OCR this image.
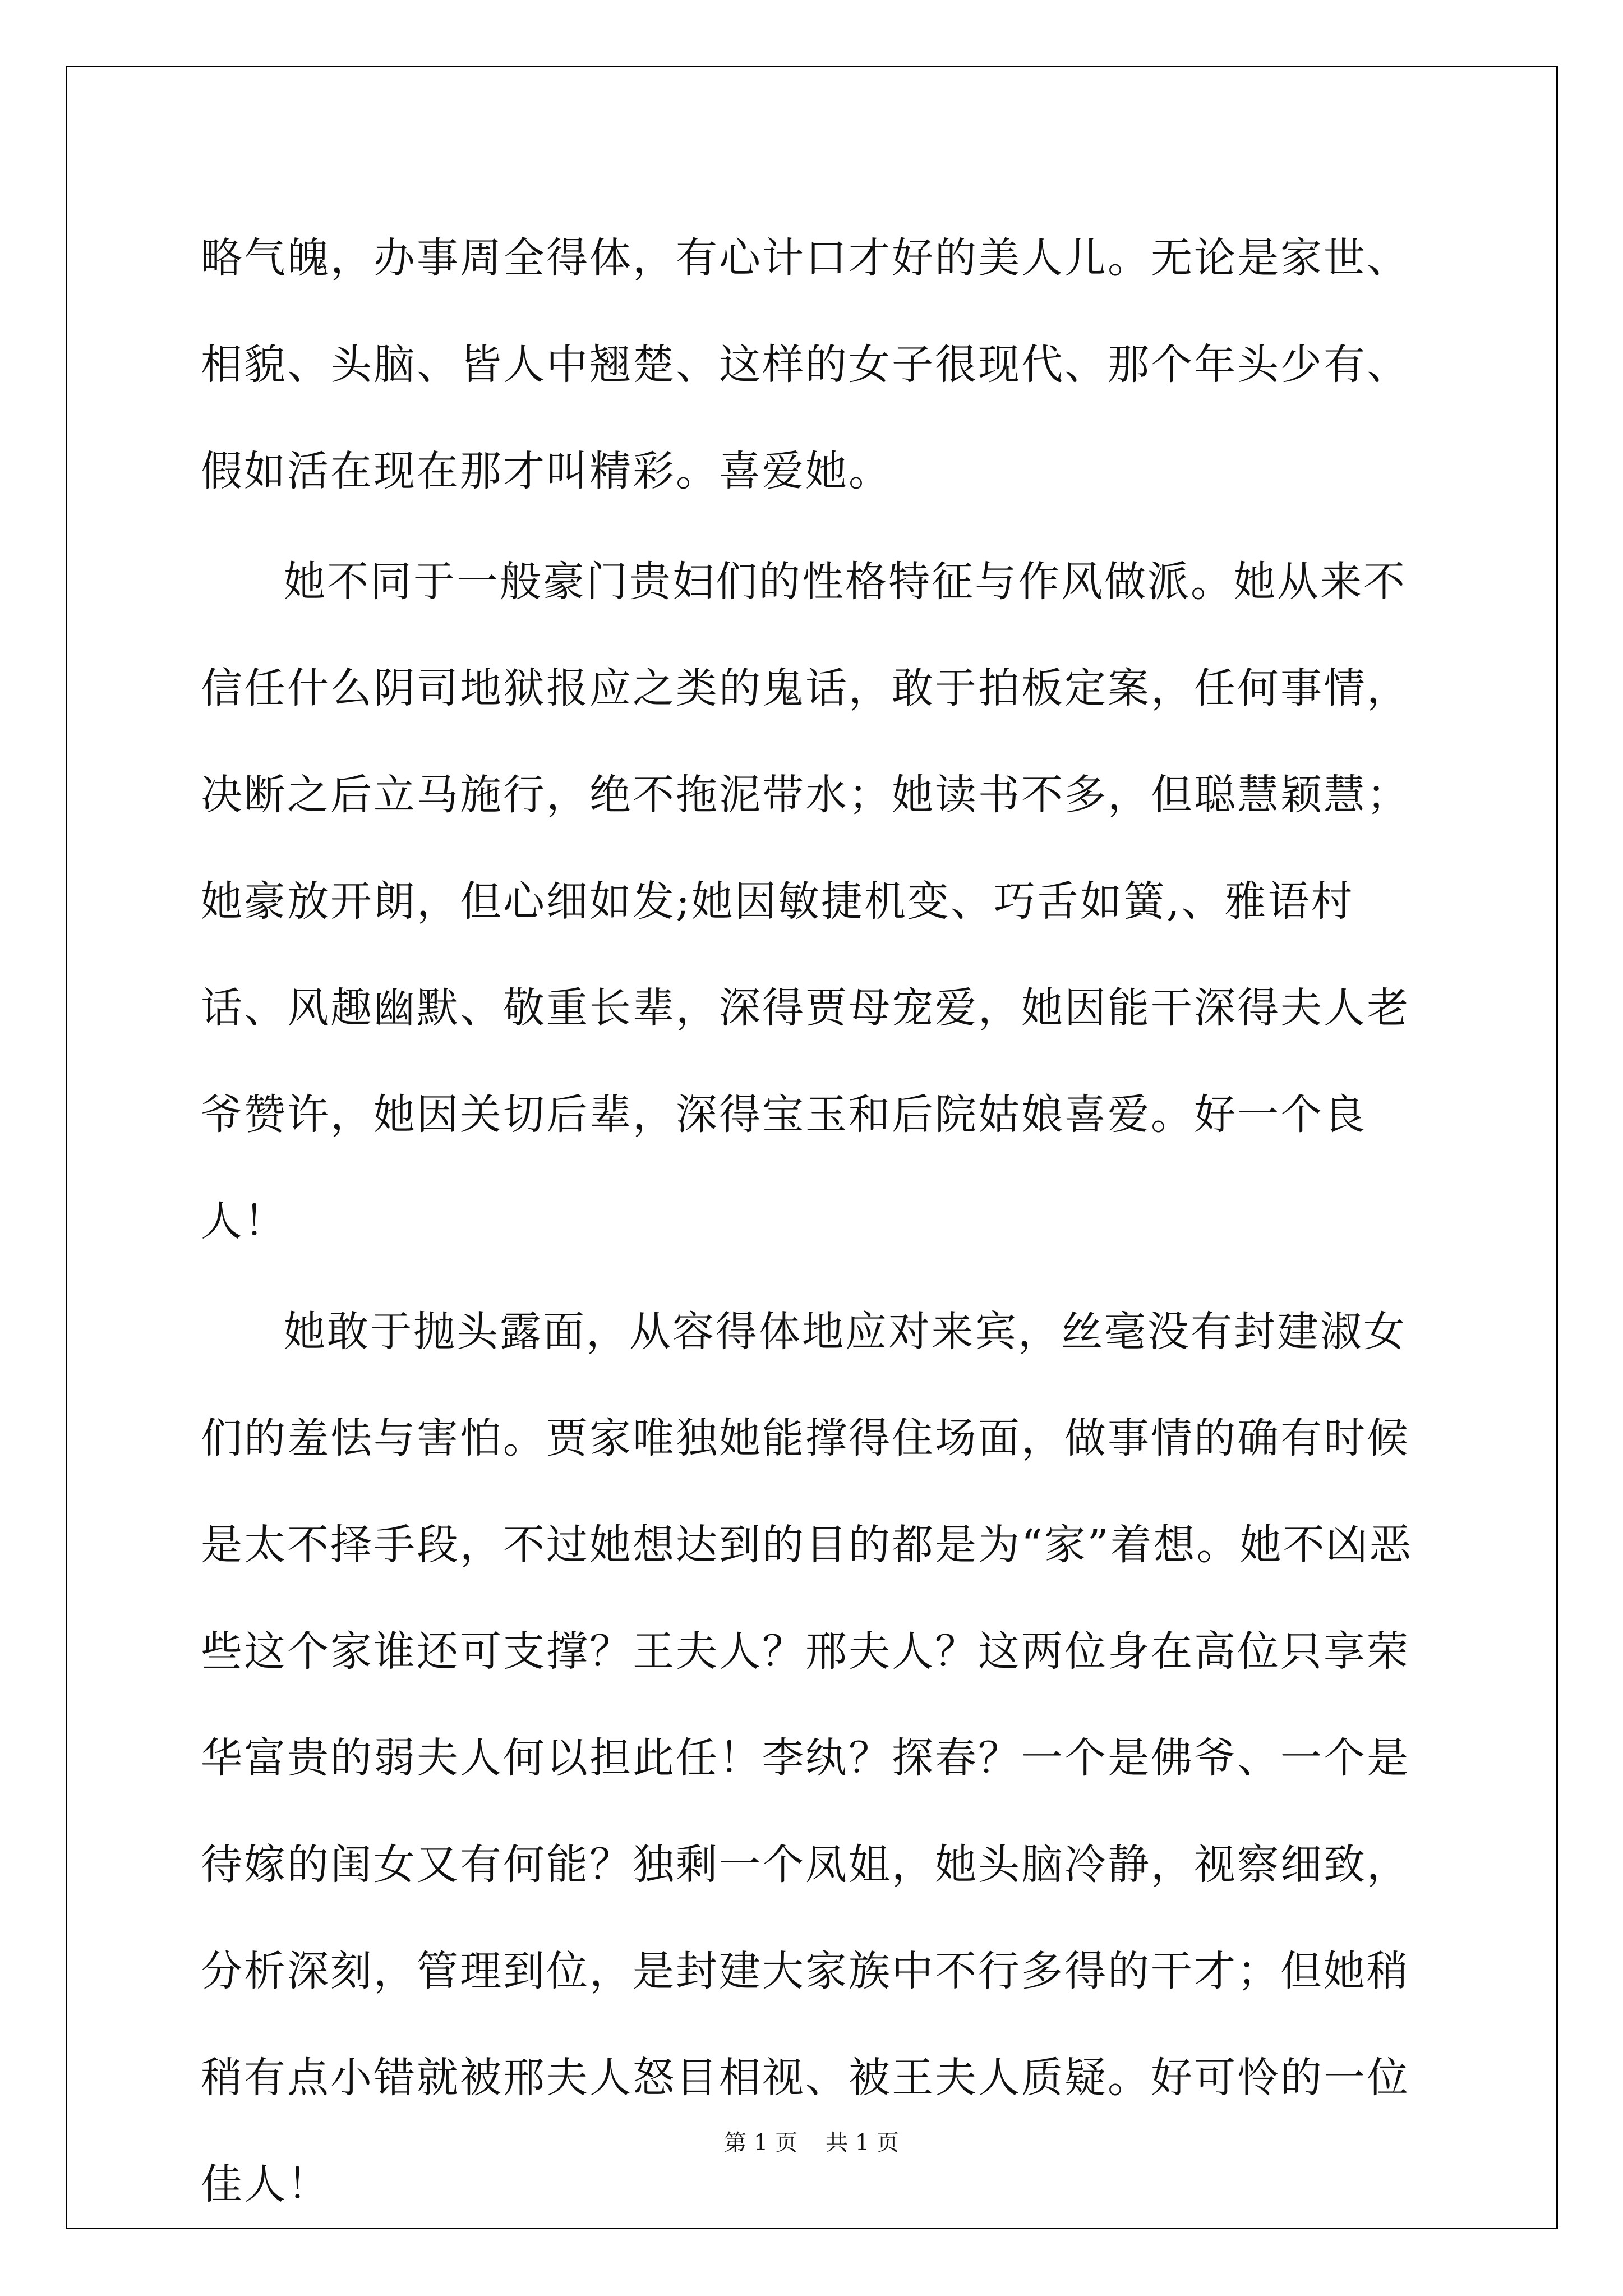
略气魄，办事周全得体，有心计口才好的美人儿。无论是家世、相貌、头脑、皆人中翘楚、这样的女子很现代、那个年头少有、假如活在现在那才叫精彩。喜爱她。

她不同于一般豪门贵妇们的性格特征与作风做派。她从来不信任什么阴司地狱报应之类的鬼话，敢于拍板定案，任何事情，决断之后立马施行，绝不拖泥带水；她读书不多，但聪慧颖慧；她豪放开朗，但心细如发;她因敏捷机变、巧舌如簧,、雅语村话、风趣幽默、敬重长辈，深得贾母宠爱，她因能干深得夫人老爷赞许，她因关切后辈，深得宝玉和后院姑娘喜爱。好一个良人！

她敢于抛头露面，从容得体地应对来宾，丝毫没有封建淑女们的羞怯与害怕。贾家唯独她能撑得住场面，做事情的确有时候是太不择手段，不过她想达到的目的都是为“家”着想。她不凶恶些这个家谁还可支撑？王夫人？邢夫人？这两位身在高位只享荣华富贵的弱夫人何以担此任！李纨？探春？一个是佛爷、一个是待嫁的闺女又有何能？独剩一个凤姐，她头脑冷静，视察细致，分析深刻，管理到位，是封建大家族中不行多得的干才；但她稍稍有点小错就被邢夫人怒目相视、被王夫人质疑。好可怜的一位佳人！

第 1 页 共 1 页
